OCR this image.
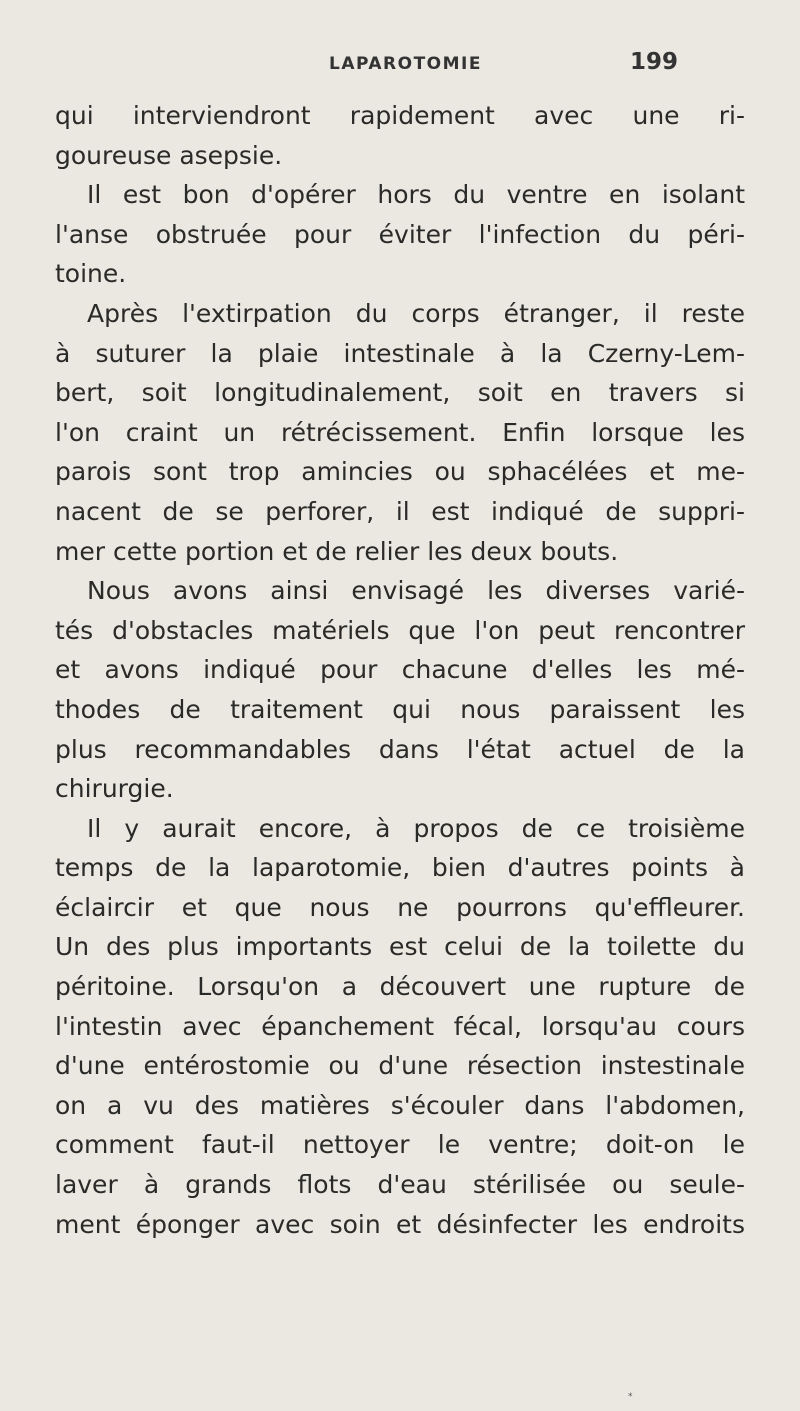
LAPAROTOMIE	199
qui interviendront rapidement avec une ri-
goureuse asepsie.
Il est bon d'opérer hors du ventre en isolant
l'anse obstruée pour éviter l'infection du péri-
toine.
Après l'extirpation du corps étranger, il reste
à suturer la plaie intestinale à la Czerny-Lem-
bert, soit longitudinalement, soit en travers si
l'on craint un rétrécissement. Enfin lorsque les
parois sont trop amincies ou sphacélées et me-
nacent de se perforer, il est indiqué de suppri-
mer cette portion et de relier les deux bouts.
Nous avons ainsi envisagé les diverses varié-
tés d'obstacles matériels que l'on peut rencontrer
et avons indiqué pour chacune d'elles les mé-
thodes de traitement qui nous paraissent les
plus recommandables dans l'état actuel de la
chirurgie.
Il y aurait encore, à propos de ce troisième
temps de la laparotomie, bien d'autres points à
éclaircir et que nous ne pourrons qu'effleurer.
Un des plus importants est celui de la toilette du
péritoine. Lorsqu'on a découvert une rupture de
l'intestin avec épanchement fécal, lorsqu'au cours
d'une entérostomie ou d'une résection instestinale
on a vu des matières s'écouler dans l'abdomen,
comment faut-il nettoyer le ventre; doit-on le
laver à grands flots d'eau stérilisée ou seule-
ment éponger avec soin et désinfecter les endroits
*
